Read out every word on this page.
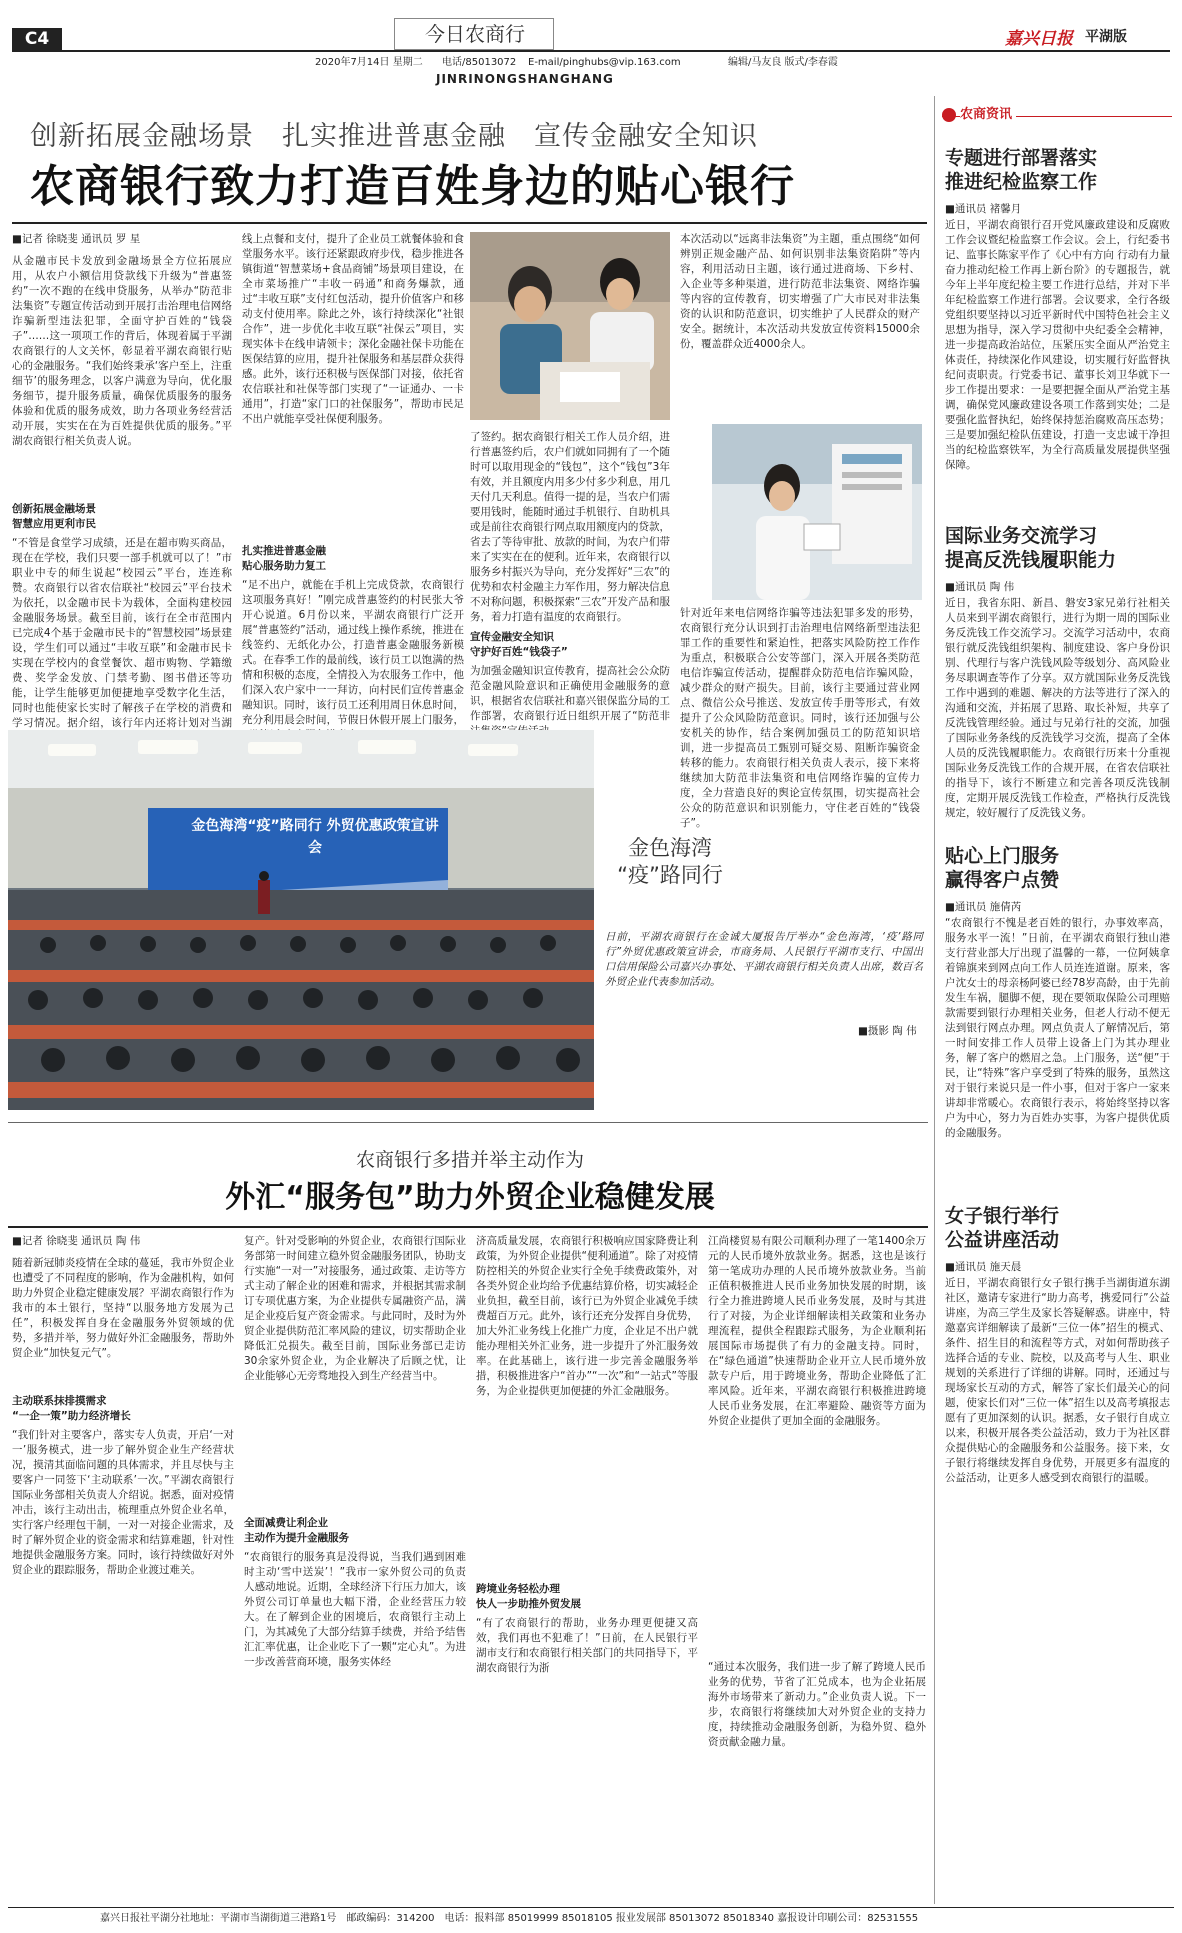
C4	今日农商行
2020年7月14日 星期二 电话/85013072 E-mail/pinghubs@vip.163.com	编辑/马友良 版式/李春霞
JINRINONGSHANGHANG
嘉兴日报 平湖版
创新拓展金融场景　扎实推进普惠金融　宣传金融安全知识
农商银行致力打造百姓身边的贴心银行
■记者 徐晓斐 通讯员 罗 星
从金融市民卡发放到金融场景全方位拓展应用，从农户小额信用贷款线下升级为“普惠签约”一次不跑的在线申贷服务，从举办“防范非法集资”专题宣传活动到开展打击治理电信网络诈骗新型违法犯罪，全面守护百姓的“钱袋子”……这一项项工作的背后，体现着属于平湖农商银行的人文关怀，彰显着平湖农商银行贴心的金融服务。“我们始终秉承‘客户至上，注重细节’的服务理念，以客户满意为导向，优化服务细节，提升服务质量，确保优质服务的服务体验和优质的服务成效，助力各项业务经营活动开展，实实在在为百姓提供优质的服务。”平湖农商银行相关负责人说。
创新拓展金融场景
智慧应用更利市民
“不管是食堂学习成绩，还是在超市购买商品，现在在学校，我们只要一部手机就可以了！”市职业中专的师生说起“校园云”平台，连连称赞。农商银行以省农信联社“校园云”平台技术为依托，以金融市民卡为载体，全面构建校园金融服务场景。截至目前，该行在全市范围内已完成4个基于金融市民卡的“智慧校园”场景建设，学生们可以通过“丰收互联”和金融市民卡实现在学校内的食堂餐饮、超市购物、学籍缴费、奖学金发放、门禁考勤、图书借还等功能，让学生能够更加便捷地享受数字化生活，同时也能使家长实时了解孩子在学校的消费和学习情况。据介绍，该行年内还将计划对当湖
线上点餐和支付，提升了企业员工就餐体验和食堂服务水平。该行还紧跟政府步伐，稳步推进各镇街道“智慧菜场+食品商铺”场景项目建设，在全市菜场推广“丰收一码通”和商务爆款，通过“丰收互联”支付红包活动，提升价值客户和移动支付使用率。除此之外，该行持续深化“社银合作”，进一步优化丰收互联“社保云”项目，实现实体卡在线申请领卡；深化金融社保卡功能在医保结算的应用，提升社保服务和基层群众获得感。此外，该行还积极与医保部门对接，依托省农信联社和社保等部门实现了“一证通办、一卡通用”，打造“家门口的社保服务”，帮助市民足不出户就能享受社保便利服务。
扎实推进普惠金融
贴心服务助力复工
“足不出户，就能在手机上完成贷款，农商银行这项服务真好！”刚完成普惠签约的村民张大爷开心说道。6月份以来，平湖农商银行广泛开展“普惠签约”活动，通过线上操作系统，推进在线签约、无纸化办公，打造普惠金融服务新模式。在春季工作的最前线，该行员工以饱满的热情和积极的态度，全情投入为农服务工作中，他们深入农户家中一一拜访，向村民们宣传普惠金融知识。同时，该行员工还利用周日休息时间，充分利用晨会时间，节假日休假开展上门服务，
了签约。据农商银行相关工作人员介绍，进行普惠签约后，农户们就如同拥有了一个随时可以取用现金的“钱包”，这个“钱包”3年有效，并且额度内用多少付多少利息，用几天付几天利息。值得一提的是，当农户们需要用钱时，能随时通过手机银行、自助机具或是前往农商银行网点取用额度内的贷款，省去了等待审批、放款的时间，为农户们带来了实实在在的便利。近年来，农商银行以服务乡村振兴为导向，充分发挥好“三农”的优势和农村金融主力军作用，努力解决信息不对称问题，积极探索“三农”开发产品和服务，着力打造有温度的农商银行。
宣传金融安全知识
守护好百姓“钱袋子”
为加强金融知识宣传教育，提高社会公众防范金融风险意识和正确使用金融服务的意识，根据省农信联社和嘉兴银保监分局的工作部署，农商银行近日组织开展了“防范非
本次活动以“远离非法集资”为主题，重点围绕“如何辨别正规金融产品、如何识别非法集资陷阱”等内容，利用活动日主题，该行通过进商场、下乡村、入企业等多种渠道，进行防范非法集资、网络诈骗等内容的宣传教育，切实增强了广大市民对非法集资的认识和防范意识，切实维护了人民群众的财产安全。据统计，本次活动共发放宣传资料15000余份，覆盖群众近4000余人。
针对近年来电信网络诈骗等违法犯罪多发的形势，农商银行充分认识到打击治理电信网络新型违法犯罪工作的重要性和紧迫性，把落实风险防控工作作为重点，积极联合公安等部门，深入开展各类防范电信诈骗宣传活动，提醒群众防范电信诈骗风险，减少群众的财产损失。目前，该行主要通过营业网点、微信公众号推送、发放宣传手册等形式，有效提升了公众风险防范意识。同时，该行还加强与公安机关的协作，结合案例加强员工的防范知识培训，进一步提高员工甄别可疑交易、阻断诈骗资金转移的能力。农商银行相关负责人表示，接下来将继续加大防范非法集资和电信网络诈骗的宣传力度，全力营造良好的舆论宣传氛围，切实提高社会公众的防范意识和识别能力，守住老百姓的“钱袋子”。
金色海湾“疫”路同行 外贸优惠政策宣讲会	金色海湾
“疫”路同行
日前，平湖农商银行在金诚大厦报告厅举办“金色海湾，‘疫’路同行”外贸优惠政策宣讲会，市商务局、人民银行平湖市支行、中国出口信用保险公司嘉兴办事处、平湖农商银行相关负责人出席，数百名外贸企业代表参加活动。
■摄影 陶 伟
农商银行多措并举主动作为
外汇“服务包”助力外贸企业稳健发展
■记者 徐晓斐 通讯员 陶 伟
随着新冠肺炎疫情在全球的蔓延，我市外贸企业也遭受了不同程度的影响，作为金融机构，如何助力外贸企业稳定健康发展？平湖农商银行作为我市的本土银行，坚持“以服务地方发展为己任”，积极发挥自身在金融服务外贸领域的优势，多措并举，努力做好外汇金融服务，帮助外贸企业“加快复元气”。
主动联系抹排摸需求
“一企一策”助力经济增长
“我们针对主要客户，落实专人负责，开启‘一对一’服务模式，进一步了解外贸企业生产经营状况，摸清其面临问题的具体需求，并且尽快与主要客户一同签下‘主动联系’一次。”平湖农商银行国际业务部相关负责人介绍说。据悉，面对疫情冲击，该行主动出击，梳理重点外贸企业名单，实行客户经理包干制，一对一对接企业需求，及时了解外贸企业的资金需求和结算难题，针对性地提供金融服务方案。同时，该行持续做好对外贸企业的跟踪服务，帮助企业渡过难关。
复产。针对受影响的外贸企业，农商银行国际业务部第一时间建立稳外贸金融服务团队，协助支行实施“一对一”对接服务，通过政策、走访等方式主动了解企业的困难和需求，并根据其需求制订专项优惠方案，为企业提供专属融资产品，满足企业疫后复产资金需求。与此同时，及时为外贸企业提供防范汇率风险的建议，切实帮助企业降低汇兑损失。截至目前，国际业务部已走访30余家外贸企业，为企业解决了后顾之忧，让企业能够心无旁骛地投入到生产经营当中。
全面减费让利企业
主动作为提升金融服务
“农商银行的服务真是没得说，当我们遇到困难时主动‘雪中送炭’！”我市一家外贸公司的负责人感动地说。近期，全球经济下行压力加大，该外贸公司订单量也大幅下滑，企业经营压力较大。在了解到企业的困境后，农商银行主动上门，为其减免了大部分结算手续费，并给予结售汇汇率优惠，让企业吃下了一颗“定心丸”。为进一步改善营商环境，服务实体经
济高质量发展，农商银行积极响应国家降费让利政策，为外贸企业提供“便利通道”。除了对疫情防控相关的外贸企业实行全免手续费政策外，对各类外贸企业均给予优惠结算价格，切实减轻企业负担，截至目前，该行已为外贸企业减免手续费超百万元。此外，该行还充分发挥自身优势，加大外汇业务线上化推广力度，企业足不出户就能办理相关外汇业务，进一步提升了外汇服务效率。在此基础上，该行进一步完善金融服务举措，积极推进客户“首办”“一次”和“一站式”等服务，为企业提供更加便捷的外汇金融服务。
跨境业务轻松办理
快人一步助推外贸发展
“有了农商银行的帮助，业务办理更便捷又高效，我们再也不犯难了！”日前，在人民银行平湖市支行和农商银行相关部门的共同指导下，平湖农商银行为浙
江尚楼贸易有限公司顺利办理了一笔1400余万元的人民币境外放款业务。据悉，这也是该行第一笔成功办理的人民币境外放款业务。当前正值积极推进人民币业务加快发展的时期，该行全力推进跨境人民币业务发展，及时与其进行了对接，为企业详细解读相关政策和业务办理流程，提供全程跟踪式服务，为企业顺利拓展国际市场提供了有力的金融支持。同时，在“绿色通道”快速帮助企业开立人民币境外放款专户后，用于跨境业务，帮助企业降低了汇率风险。近年来，平湖农商银行积极推进跨境人民币业务发展，在汇率避险、融资等方面为外贸企业提供了更加全面的金融服务。
“通过本次服务，我们进一步了解了跨境人民币业务的优势，节省了汇兑成本，也为企业拓展海外市场带来了新动力。”企业负责人说。下一步，农商银行将继续加大对外贸企业的支持力度，持续推动金融服务创新，为稳外贸、稳外资贡献金融力量。
农商资讯
专题进行部署落实
推进纪检监察工作
■通讯员 褚馨月
近日，平湖农商银行召开党风廉政建设和反腐败工作会议暨纪检监察工作会议。会上，行纪委书记、监事长陈家平作了《心中有方向 行动有力量 奋力推动纪检工作再上新台阶》的专题报告，就今年上半年度纪检主要工作进行总结，并对下半年纪检监察工作进行部署。会议要求，全行各级党组织要坚持以习近平新时代中国特色社会主义思想为指导，深入学习贯彻中央纪委全会精神，进一步提高政治站位，压紧压实全面从严治党主体责任，持续深化作风建设，切实履行好监督执纪问责职责。行党委书记、董事长刘卫华就下一步工作提出要求：一是要把握全面从严治党主基调，确保党风廉政建设各项工作落到实处；二是要强化监督执纪，始终保持惩治腐败高压态势；三是要加强纪检队伍建设，打造一支忠诚干净担当的纪检监察铁军，为全行高质量发展提供坚强保障。
国际业务交流学习
提高反洗钱履职能力
■通讯员 陶 伟
近日，我省东阳、新昌、磐安3家兄弟行社相关人员来到平湖农商银行，进行为期一周的国际业务反洗钱工作交流学习。交流学习活动中，农商银行就反洗钱组织架构、制度建设、客户身份识别、代理行与客户洗钱风险等级划分、高风险业务尽职调查等作了分享。双方就国际业务反洗钱工作中遇到的难题、解决的方法等进行了深入的沟通和交流，并拓展了思路、取长补短，共享了反洗钱管理经验。通过与兄弟行社的交流，加强了国际业务条线的反洗钱学习交流，提高了全体人员的反洗钱履职能力。农商银行历来十分重视国际业务反洗钱工作的合规开展，在省农信联社的指导下，该行不断建立和完善各项反洗钱制度，定期开展反洗钱工作检查，严格执行反洗钱规定，较好履行了反洗钱义务。
贴心上门服务
赢得客户点赞
■通讯员 施倩芮
“农商银行不愧是老百姓的银行，办事效率高，服务水平一流！”日前，在平湖农商银行独山港支行营业部大厅出现了温馨的一幕，一位阿姨拿着锦旗来到网点向工作人员连连道谢。原来，客户沈女士的母亲杨阿婆已经78岁高龄，由于先前发生车祸，腿脚不便，现在要领取保险公司理赔款需要到银行办理相关业务，但老人行动不便无法到银行网点办理。网点负责人了解情况后，第一时间安排工作人员带上设备上门为其办理业务，解了客户的燃眉之急。上门服务，送“便”于民，让“特殊”客户享受到了特殊的服务，虽然这对于银行来说只是一件小事，但对于客户一家来讲却非常暖心。农商银行表示，将始终坚持以客户为中心，努力为百姓办实事，为客户提供优质的金融服务。
女子银行举行
公益讲座活动
■通讯员 施天晨
近日，平湖农商银行女子银行携手当湖街道东湖社区，邀请专家进行“助力高考，携爱同行”公益讲座，为高三学生及家长答疑解惑。讲座中，特邀嘉宾详细解读了最新“三位一体”招生的模式、条件、招生目的和流程等方式，对如何帮助孩子选择合适的专业、院校，以及高考与人生、职业规划的关系进行了详细的讲解。同时，还通过与现场家长互动的方式，解答了家长们最关心的问题，使家长们对“三位一体”招生以及高考填报志愿有了更加深刻的认识。据悉，女子银行自成立以来，积极开展各类公益活动，致力于为社区群众提供贴心的金融服务和公益服务。接下来，女子银行将继续发挥自身优势，开展更多有温度的公益活动，让更多人感受到农商银行的温暖。
嘉兴日报社平湖分社地址：平湖市当湖街道三港路1号　邮政编码：314200　电话：报料部 85019999 85018105 报业发展部 85013072 85018340 嘉报设计印刷公司：82531555
